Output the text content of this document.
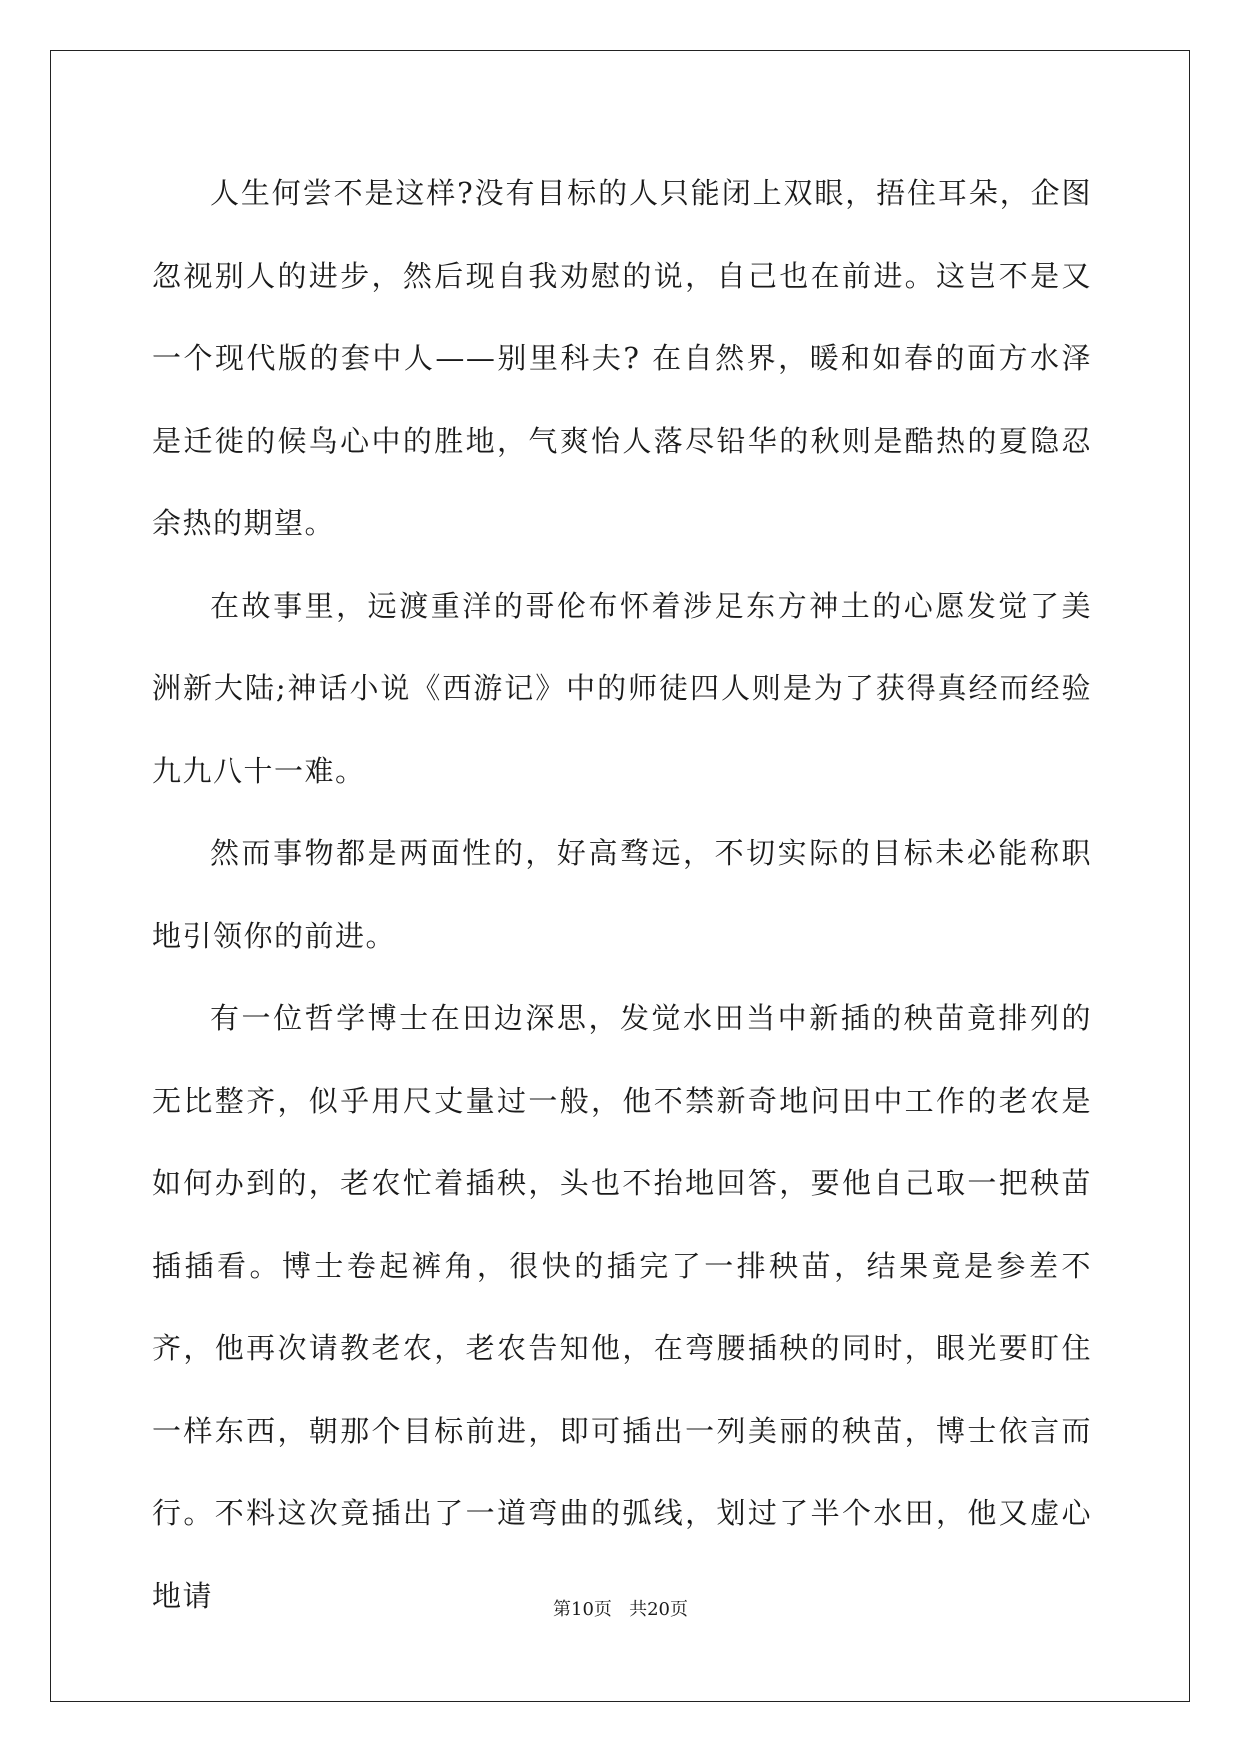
人生何尝不是这样?没有目标的人只能闭上双眼，捂住耳朵，企图忽视别人的进步，然后现自我劝慰的说，自己也在前进。这岂不是又一个现代版的套中人——别里科夫? 在自然界，暖和如春的面方水泽是迁徙的候鸟心中的胜地，气爽怡人落尽铅华的秋则是酷热的夏隐忍余热的期望。

在故事里，远渡重洋的哥伦布怀着涉足东方神土的心愿发觉了美洲新大陆;神话小说《西游记》中的师徒四人则是为了获得真经而经验九九八十一难。

然而事物都是两面性的，好高骛远，不切实际的目标未必能称职地引领你的前进。

有一位哲学博士在田边深思，发觉水田当中新插的秧苗竟排列的无比整齐，似乎用尺丈量过一般，他不禁新奇地问田中工作的老农是如何办到的，老农忙着插秧，头也不抬地回答，要他自己取一把秧苗插插看。博士卷起裤角，很快的插完了一排秧苗，结果竟是参差不齐，他再次请教老农，老农告知他，在弯腰插秧的同时，眼光要盯住一样东西，朝那个目标前进，即可插出一列美丽的秧苗，博士依言而行。不料这次竟插出了一道弯曲的弧线，划过了半个水田，他又虚心地请	第10页 共20页
